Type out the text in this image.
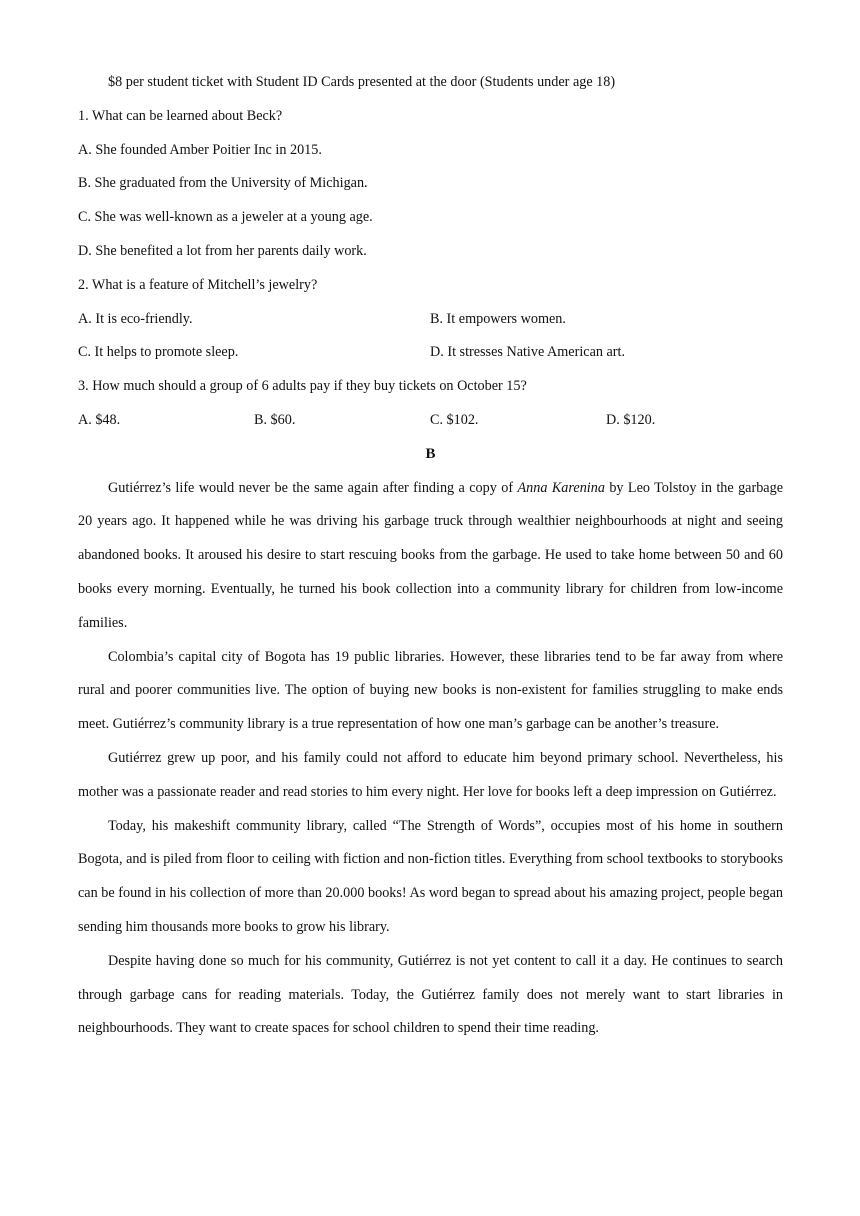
$8 per student ticket with Student ID Cards presented at the door (Students under age 18)
1. What can be learned about Beck?
A. She founded Amber Poitier Inc in 2015.
B. She graduated from the University of Michigan.
C. She was well-known as a jeweler at a young age.
D. She benefited a lot from her parents daily work.
2. What is a feature of Mitchell’s jewelry?
A. It is eco-friendly.	B. It empowers women.
C. It helps to promote sleep.	D. It stresses Native American art.
3. How much should a group of 6 adults pay if they buy tickets on October 15?
A. $48.	B. $60.	C. $102.	D. $120.
B

Gutiérrez’s life would never be the same again after finding a copy of Anna Karenina by Leo Tolstoy in the garbage 20 years ago. It happened while he was driving his garbage truck through wealthier neighbourhoods at night and seeing abandoned books. It aroused his desire to start rescuing books from the garbage. He used to take home between 50 and 60 books every morning. Eventually, he turned his book collection into a community library for children from low-income families.

Colombia’s capital city of Bogota has 19 public libraries. However, these libraries tend to be far away from where rural and poorer communities live. The option of buying new books is non-existent for families struggling to make ends meet. Gutiérrez’s community library is a true representation of how one man’s garbage can be another’s treasure.

Gutiérrez grew up poor, and his family could not afford to educate him beyond primary school. Nevertheless, his mother was a passionate reader and read stories to him every night. Her love for books left a deep impression on Gutiérrez.

Today, his makeshift community library, called “The Strength of Words”, occupies most of his home in southern Bogota, and is piled from floor to ceiling with fiction and non-fiction titles. Everything from school textbooks to storybooks can be found in his collection of more than 20.000 books! As word began to spread about his amazing project, people began sending him thousands more books to grow his library.

Despite having done so much for his community, Gutiérrez is not yet content to call it a day. He continues to search through garbage cans for reading materials. Today, the Gutiérrez family does not merely want to start libraries in neighbourhoods. They want to create spaces for school children to spend their time reading.
